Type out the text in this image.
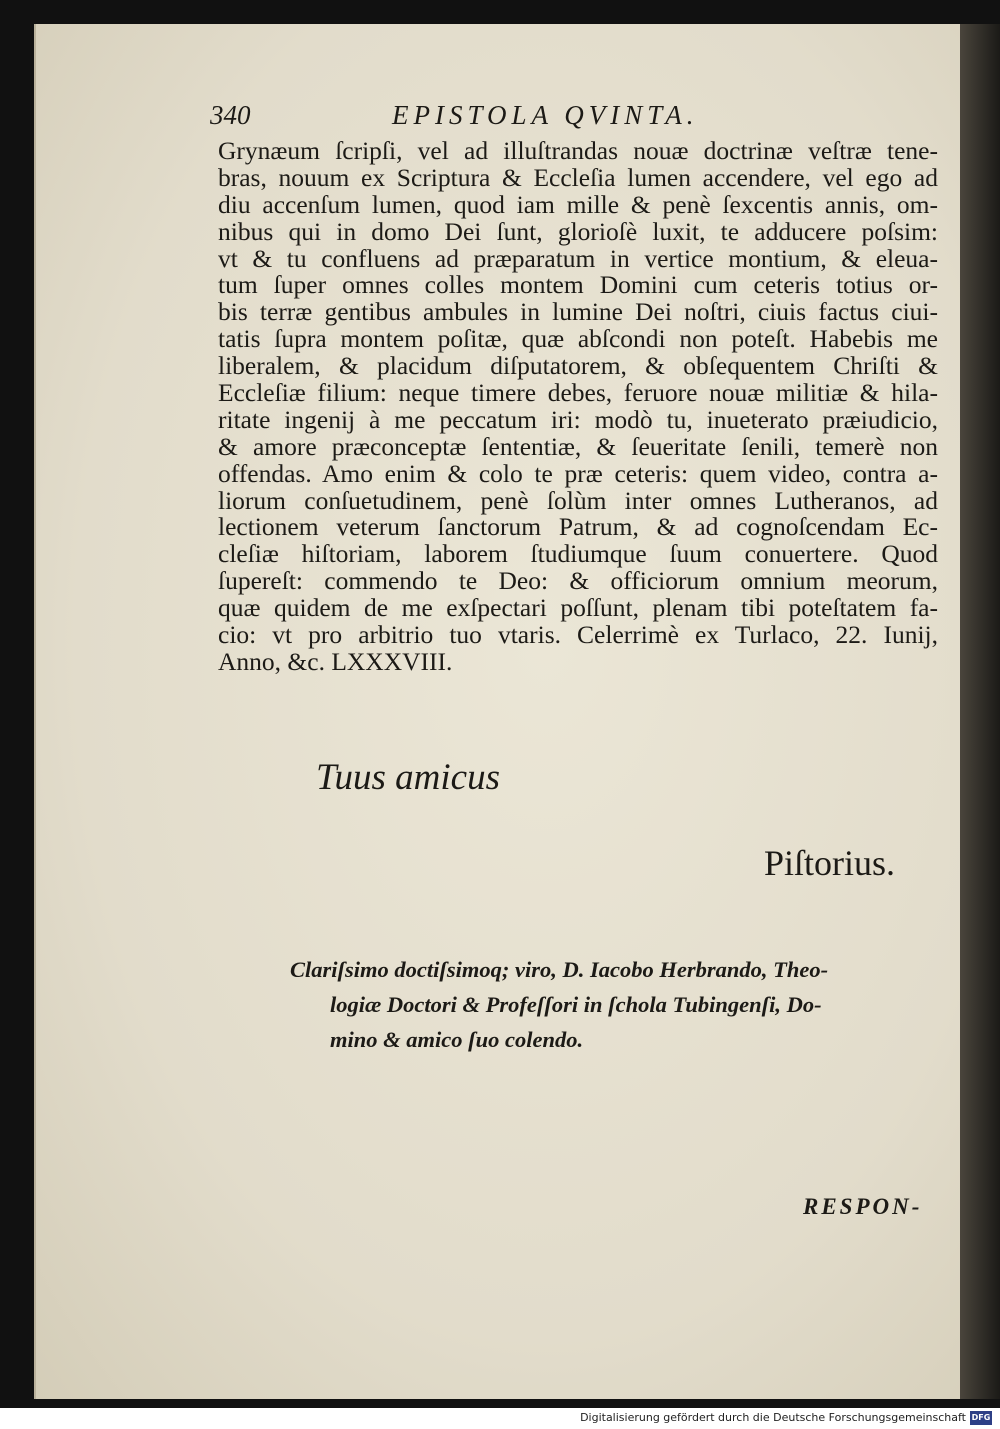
340	EPISTOLA QVINTA.
Grynæum ſcripſi, vel ad illuſtrandas nouæ doctrinæ veſtræ tene-
bras, nouum ex Scriptura & Eccleſia lumen accendere, vel ego ad
diu accenſum lumen, quod iam mille & penè ſexcentis annis, om-
nibus qui in domo Dei ſunt, glorioſè luxit, te adducere poſsim:
vt & tu confluens ad præparatum in vertice montium, & eleua-
tum ſuper omnes colles montem Domini cum ceteris totius or-
bis terræ gentibus ambules in lumine Dei noſtri, ciuis factus ciui-
tatis ſupra montem poſitæ, quæ abſcondi non poteſt. Habebis me
liberalem, & placidum diſputatorem, & obſequentem Chriſti &
Eccleſiæ filium: neque timere debes, feruore nouæ militiæ & hila-
ritate ingenij à me peccatum iri: modò tu, inueterato præiudicio,
& amore præconceptæ ſententiæ, & ſeueritate ſenili, temerè non
offendas. Amo enim & colo te præ ceteris: quem video, contra a-
liorum conſuetudinem, penè ſolùm inter omnes Lutheranos, ad
lectionem veterum ſanctorum Patrum, & ad cognoſcendam Ec-
cleſiæ hiſtoriam, laborem ſtudiumque ſuum conuertere. Quod
ſupereſt: commendo te Deo: & officiorum omnium meorum,
quæ quidem de me exſpectari poſſunt, plenam tibi poteſtatem fa-
cio: vt pro arbitrio tuo vtaris. Celerrimè ex Turlaco, 22. Iunij,
Anno, &c. LXXXVIII.
Tuus amicus
Piſtorius.
Clariſsimo doctiſsimoq; viro, D. Iacobo Herbrando, Theo-
logiæ Doctori & Profeſſori in ſchola Tubingenſi, Do-
mino & amico ſuo colendo.
RESPON-
Digitalisierung gefördert durch die Deutsche Forschungsgemeinschaft DFG
